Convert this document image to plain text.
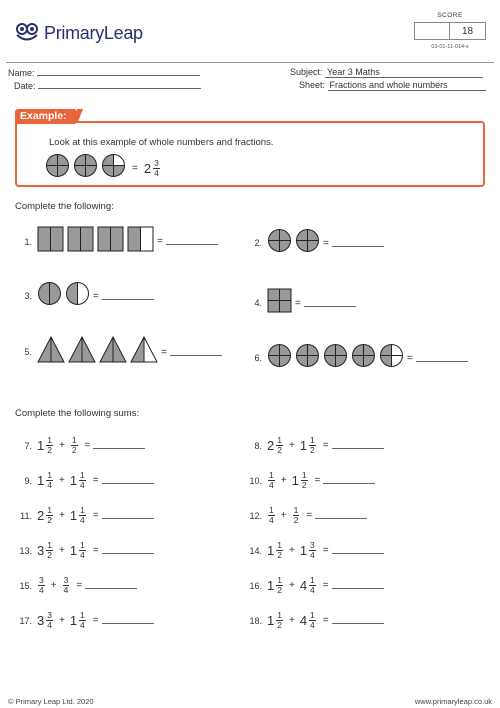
PrimaryLeap
SCORE
18
03-01-11-014-s
Name:
Date:
Subject: Year 3 Maths
Sheet: Fractions and whole numbers
Look at this example of whole numbers and fractions.
= $2 \frac{3}{4}$
Example:
Complete the following:
1.	=	2.	=
3.	=
4.	=
5.	=
6.	=
Complete the following sums:
7. $1 \frac{1}{2} + \frac{1}{2}$ =	8. $2 \frac{1}{2} + 1 \frac{1}{2}$ =
9. $1 \frac{1}{4} + 1 \frac{1}{4}$ =	10. $\frac{1}{4} + 1 \frac{1}{2}$ =
11. $2 \frac{1}{2} + 1 \frac{1}{4}$ =	12. $\frac{1}{4} + \frac{1}{2}$ =
13. $3 \frac{1}{2} + 1 \frac{1}{4}$ =	14. $1 \frac{1}{2} + 1 \frac{3}{4}$ =
15. $\frac{3}{4} + \frac{3}{4}$ =	16. $1 \frac{1}{2} + 4 \frac{1}{4}$ =
17. $3 \frac{3}{4} + 1 \frac{1}{4}$ =	18. $1 \frac{1}{2} + 4 \frac{1}{4}$ =
© Primary Leap Ltd. 2020	www.primaryleap.co.uk
